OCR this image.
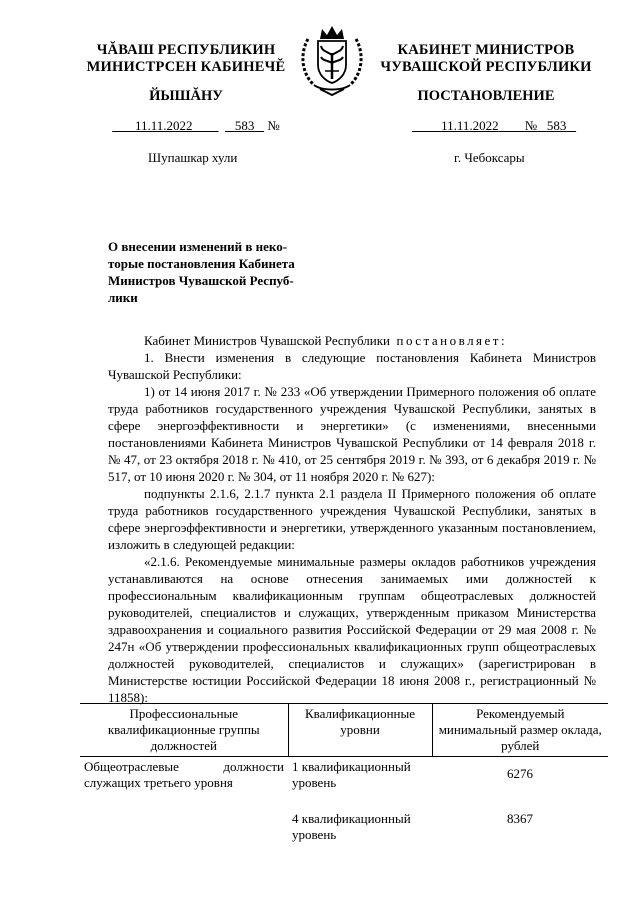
ЧĂВАШ РЕСПУБЛИКИН
МИНИСТРСЕН КАБИНЕЧĔ
ЙЫШĂНУ
КАБИНЕТ МИНИСТРОВ
ЧУВАШСКОЙ РЕСПУБЛИКИ
ПОСТАНОВЛЕНИЕ
11.11.2022	583 №	11.11.2022 № 583
Шупашкар хули	г. Чебоксары
О внесении изменений в неко-
торые постановления Кабинета
Министров Чувашской Респуб-
лики

Кабинет Министров Чувашской Республики постановляет:

1. Внести изменения в следующие постановления Кабинета Министров Чувашской Республики:

1) от 14 июня 2017 г. № 233 «Об утверждении Примерного положения об оплате труда работников государственного учреждения Чувашской Республики, занятых в сфере энергоэффективности и энергетики» (с изменениями, внесенными постановлениями Кабинета Министров Чувашской Республики от 14 февраля 2018 г. № 47, от 23 октября 2018 г. № 410, от 25 сентября 2019 г. № 393, от 6 декабря 2019 г. № 517, от 10 июня 2020 г. № 304, от 11 ноября 2020 г. № 627):

подпункты 2.1.6, 2.1.7 пункта 2.1 раздела II Примерного положения об оплате труда работников государственного учреждения Чувашской Республики, занятых в сфере энергоэффективности и энергетики, утвержденного указанным постановлением, изложить в следующей редакции:

«2.1.6. Рекомендуемые минимальные размеры окладов работников учреждения устанавливаются на основе отнесения занимаемых ими должностей к профессиональным квалификационным группам общеотраслевых должностей руководителей, специалистов и служащих, утвержденным приказом Министерства здравоохранения и социального развития Российской Федерации от 29 мая 2008 г. № 247н «Об утверждении профессиональных квалификационных групп общеотраслевых должностей руководителей, специалистов и служащих» (зарегистрирован в Министерстве юстиции Российской Федерации 18 июня 2008 г., регистрационный № 11858):

Профессиональные квалификационные группы должностей	Квалификационные уровни	Рекомендуемый минимальный размер оклада, рублей
Общеотраслевые должности служащих третьего уровня	1 квалификационный уровень	6276
	4 квалификационный уровень	8367
